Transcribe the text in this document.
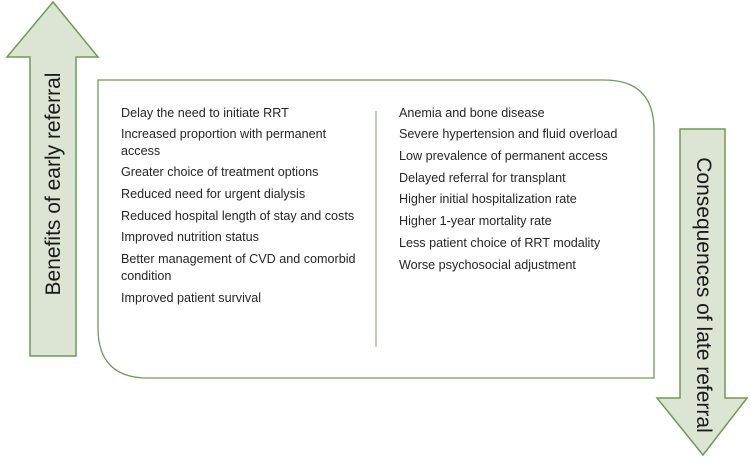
Benefits of early referral	Consequences of late referral
Delay the need to initiate RRT
Increased proportion with permanent access
Greater choice of treatment options
Reduced need for urgent dialysis
Reduced hospital length of stay and costs
Improved nutrition status
Better management of CVD and comorbid condition
Improved patient survival
Anemia and bone disease
Severe hypertension and fluid overload
Low prevalence of permanent access
Delayed referral for transplant
Higher initial hospitalization rate
Higher 1-year mortality rate
Less patient choice of RRT modality
Worse psychosocial adjustment
